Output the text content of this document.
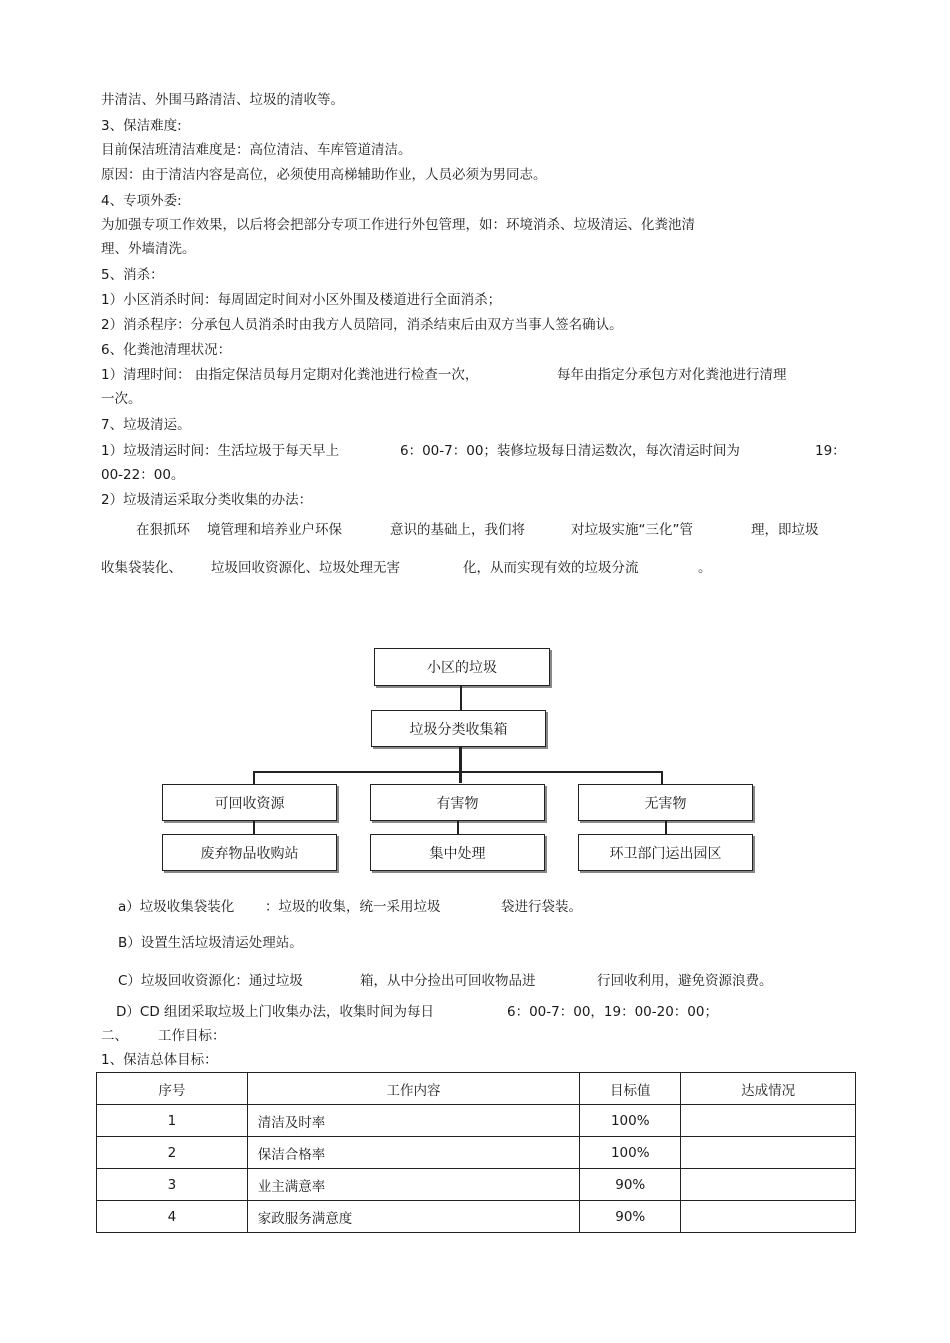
井清洁、外围马路清洁、垃圾的清收等。
3、保洁难度:
目前保洁班清洁难度是：高位清洁、车库管道清洁。
原因：由于清洁内容是高位，必须使用高梯辅助作业，人员必须为男同志。
4、专项外委:
为加强专项工作效果，以后将会把部分专项工作进行外包管理，如：环境消杀、垃圾清运、化粪池清
理、外墙清洗。
5、消杀：
1）小区消杀时间：每周固定时间对小区外围及楼道进行全面消杀；
2）消杀程序：分承包人员消杀时由我方人员陪同，消杀结束后由双方当事人签名确认。
6、化粪池清理状况：
1）清理时间： 由指定保洁员每月定期对化粪池进行检查一次，	每年由指定分承包方对化粪池进行清理
一次。
7、垃圾清运。
1）垃圾清运时间：生活垃圾于每天早上	6：00-7：00；装修垃圾每日清运数次，每次清运时间为	19：
00-22：00。
2）垃圾清运采取分类收集的办法：
在狠抓环 境管理和培养业户环保	意识的基础上，我们将	对垃圾实施“三化”管	理，即垃圾
收集袋装化、 垃圾回收资源化、垃圾处理无害	化，从而实现有效的垃圾分流	。
小区的垃圾
垃圾分类收集箱
可回收资源	有害物	无害物
废弃物品收购站	集中处理	环卫部门运出园区
a）垃圾收集袋装化 ：垃圾的收集，统一采用垃圾	袋进行袋装。
B）设置生活垃圾清运处理站。
C）垃圾回收资源化：通过垃圾	箱，从中分捡出可回收物品进	行回收利用，避免资源浪费。
D）CD 组团采取垃圾上门收集办法，收集时间为每日	6：00-7：00，19：00-20：00；
二、 工作目标：
1、保洁总体目标：
序号	工作内容	目标值	达成情况
1	清洁及时率	100%	
2	保洁合格率	100%	
3	业主满意率	90%	
4	家政服务满意度	90%	
